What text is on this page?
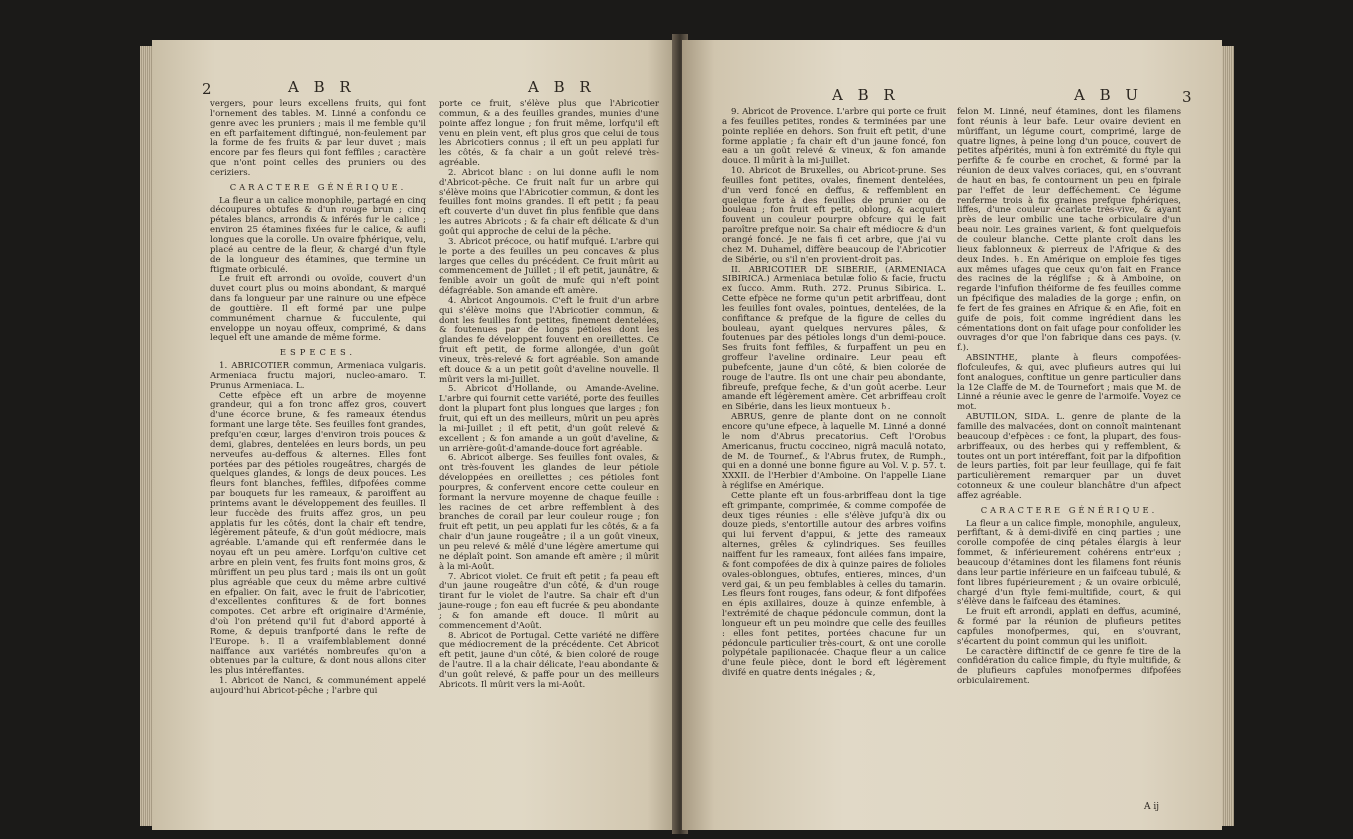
2	A B R	A B R

vergers, pour leurs excellens fruits, qui font l'ornement des tables. M. Linné a confondu ce genre avec les pruniers ; mais il me femble qu'il en eft parfaitement diftingué, non-feulement par la forme de fes fruits & par leur duvet ; mais encore par fes fleurs qui font feffiles ; caractère que n'ont point celles des pruniers ou des ceriziers.

CARACTERE GÉNÉRIQUE.

La fleur a un calice monophile, partagé en cinq découpures obtufes & d'un rouge brun ; cinq pétales blancs, arrondis & inférés fur le calice ; environ 25 étamines fixées fur le calice, & aufli longues que la corolle. Un ovaire fphérique, velu, placé au centre de la fleur, & chargé d'un ftyle de la longueur des étamines, que termine un ftigmate orbiculé.

Le fruit eft arrondi ou ovoïde, couvert d'un duvet court plus ou moins abondant, & marqué dans fa longueur par une rainure ou une efpèce de gouttière. Il eft formé par une pulpe communément charnue & fucculente, qui enveloppe un noyau offeux, comprimé, & dans lequel eft une amande de même forme.

ESPECES.

1. ABRICOTIER commun, Armeniaca vulgaris. Armeniaca fructu majori, nucleo-amaro. T. Prunus Armeniaca. L.

Cette efpèce eft un arbre de moyenne grandeur, qui a fon tronc affez gros, couvert d'une écorce brune, & fes rameaux étendus formant une large tête. Ses feuilles font grandes, prefqu'en cœur, larges d'environ trois pouces & demi, glabres, dentelées en leurs bords, un peu nerveufes au-deffous & alternes. Elles font portées par des pétioles rougeâtres, chargés de quelques glandes, & longs de deux pouces. Les fleurs font blanches, feffiles, difpofées comme par bouquets fur les rameaux, & paroiffent au printems avant le développement des feuilles. Il leur fuccède des fruits affez gros, un peu applatis fur les côtés, dont la chair eft tendre, légèrement pâteufe, & d'un goût médiocre, mais agréable. L'amande qui eft renfermée dans le noyau eft un peu amère. Lorfqu'on cultive cet arbre en plein vent, fes fruits font moins gros, & mûriffent un peu plus tard ; mais ils ont un goût plus agréable que ceux du même arbre cultivé en efpalier. On fait, avec le fruit de l'abricotier, d'excellentes confitures & de fort bonnes compotes. Cet arbre eft originaire d'Arménie, d'où l'on prétend qu'il fut d'abord apporté à Rome, & depuis tranfporté dans le refte de l'Europe. ♄. Il a vraifemblablement donné naiffance aux variétés nombreufes qu'on a obtenues par la culture, & dont nous allons citer les plus intéreffantes.

1. Abricot de Nanci, & communément appelé aujourd'hui Abricot-pêche ; l'arbre qui

porte ce fruit, s'élève plus que l'Abricotier commun, & a des feuilles grandes, munies d'une pointe affez longue ; fon fruit même, lorfqu'il eft venu en plein vent, eft plus gros que celui de tous les Abricotiers connus ; il eft un peu applati fur les côtés, & fa chair a un goût relevé très-agréable.

2. Abricot blanc : on lui donne aufli le nom d'Abricot-pêche. Ce fruit naît fur un arbre qui s'élève moins que l'Abricotier commun, & dont les feuilles font moins grandes. Il eft petit ; fa peau eft couverte d'un duvet fin plus fenfible que dans les autres Abricots ; & fa chair eft délicate & d'un goût qui approche de celui de la pêche.

3. Abricot précoce, ou hatif mufqué. L'arbre qui le porte a des feuilles un peu concaves & plus larges que celles du précédent. Ce fruit mûrit au commencement de Juillet ; il eft petit, jaunâtre, & fenible avoir un goût de mufc qui n'eft point défagréable. Son amande eft amère.

4. Abricot Angoumois. C'eft le fruit d'un arbre qui s'élève moins que l'Abricotier commun, & dont les feuilles font petites, finement dentelées, & foutenues par de longs pétioles dont les glandes fe développent fouvent en oreillettes. Ce fruit eft petit, de forme allongée, d'un goût vineux, très-relevé & fort agréable. Son amande eft douce & a un petit goût d'aveline nouvelle. Il mûrit vers la mi-Juillet.

5. Abricot d'Hollande, ou Amande-Aveline. L'arbre qui fournit cette variété, porte des feuilles dont la plupart font plus longues que larges ; fon fruit, qui eft un des meilleurs, mûrit un peu après la mi-Juillet ; il eft petit, d'un goût relevé & excellent ; & fon amande a un goût d'aveline, & un arrière-goût-d'amande-douce fort agréable.

6. Abricot alberge. Ses feuilles font ovales, & ont très-fouvent les glandes de leur pétiole développées en oreillettes ; ces pétioles font pourpres, & confervent encore cette couleur en formant la nervure moyenne de chaque feuille : les racines de cet arbre reffemblent à des branches de corail par leur couleur rouge ; fon fruit eft petit, un peu applati fur les côtés, & a fa chair d'un jaune rougeâtre ; il a un goût vineux, un peu relevé & mêlé d'une légère amertume qui ne déplaît point. Son amande eft amère ; il mûrit à la mi-Août.

7. Abricot violet. Ce fruit eft petit ; fa peau eft d'un jaune rougeâtre d'un côté, & d'un rouge tirant fur le violet de l'autre. Sa chair eft d'un jaune-rouge ; fon eau eft fucrée & peu abondante ; & fon amande eft douce. Il mûrit au commencement d'Août.

8. Abricot de Portugal. Cette variété ne diffère que médiocrement de la précédente. Cet Abricot eft petit, jaune d'un côté, & bien coloré de rouge de l'autre. Il a la chair délicate, l'eau abondante & d'un goût relevé, & paffe pour un des meilleurs Abricots. Il mûrit vers la mi-Août.

A B R	A B U	3

9. Abricot de Provence. L'arbre qui porte ce fruit a fes feuilles petites, rondes & terminées par une pointe repliée en dehors. Son fruit eft petit, d'une forme applatie ; fa chair eft d'un jaune foncé, fon eau a un goût relevé & vineux, & fon amande douce. Il mûrit à la mi-Juillet.

10. Abricot de Bruxelles, ou Abricot-prune. Ses feuilles font petites, ovales, finement dentelées, d'un verd foncé en deffus, & reffemblent en quelque forte à des feuilles de prunier ou de bouleau ; fon fruit eft petit, oblong, & acquiert fouvent un couleur pourpre obfcure qui le fait paroître prefque noir. Sa chair eft médiocre & d'un orangé foncé. Je ne fais fi cet arbre, que j'ai vu chez M. Duhamel, diffère beaucoup de l'Abricotier de Sibérie, ou s'il n'en provient-droit pas.

II. ABRICOTIER DE SIBERIE, (ARMENIACA SIBIRICA.) Armeniaca betulæ folio & facie, fructu ex ſucco. Amm. Ruth. 272. Prunus Sibirica. L. Cette efpèce ne forme qu'un petit arbriffeau, dont les feuilles font ovales, pointues, dentelées, de la confiftance & prefque de la figure de celles du bouleau, ayant quelques nervures pâles, & foutenues par des pétioles longs d'un demi-pouce. Ses fruits font feffiles, & furpaffent un peu en groffeur l'aveline ordinaire. Leur peau eft pubefcente, jaune d'un côté, & bien colorée de rouge de l'autre. Ils ont une chair peu abondante, fibreufe, prefque feche, & d'un goût acerbe. Leur amande eft légèrement amère. Cet arbriffeau croît en Sibérie, dans les lieux montueux ♄.

ABRUS, genre de plante dont on ne connoît encore qu'une efpece, à laquelle M. Linné a donné le nom d'Abrus precatorius. Ceft l'Orobus Americanus, fructu coccineo, nigrâ maculâ notato, de M. de Tournef., & l'Abrus frutex, de Rumph., qui en a donné une bonne figure au Vol. V. p. 57. t. XXXII. de l'Herbier d'Amboine. On l'appelle Liane à réglifse en Amérique.

Cette plante eft un fous-arbriffeau dont la tige eft grimpante, comprimée, & comme compofée de deux tiges réunies : elle s'élève jufqu'à dix ou douze pieds, s'entortille autour des arbres voifins qui lui fervent d'appui, & jette des rameaux alternes, grêles & cylindriques. Ses feuilles naiffent fur les rameaux, font ailées fans impaire, & font compofées de dix à quinze paires de folioles ovales-oblongues, obtufes, entieres, minces, d'un verd gai, & un peu femblables à celles du tamarin. Les fleurs font rouges, fans odeur, & font difpofées en épis axillaires, douze à quinze enfemble, à l'extrémité de chaque pédoncule commun, dont la longueur eft un peu moindre que celle des feuilles : elles font petites, portées chacune fur un pédoncule particulier très-court, & ont une corolle polypétale papilionacée. Chaque fleur a un calice d'une feule pièce, dont le bord eft légèrement divifé en quatre dents inégales ; &,

felon M. Linné, neuf étamines, dont les filamens font réunis à leur bafe. Leur ovaire devient en mûriffant, un légume court, comprimé, large de quatre lignes, à peine long d'un pouce, couvert de petites afpérités, muni à fon extrémité du ftyle qui perfifte & fe courbe en crochet, & formé par la réunion de deux valves coriaces, qui, en s'ouvrant de haut en bas, fe contournent un peu en fpirale par l'effet de leur defféchement. Ce légume renferme trois à fix graines prefque fphériques, liffes, d'une couleur écarlate très-vive, & ayant près de leur ombilic une tache orbiculaire d'un beau noir. Les graines varient, & font quelquefois de couleur blanche. Cette plante croît dans les lieux fablonneux & pierreux de l'Afrique & des deux Indes. ♄. En Amérique on emploie fes tiges aux mêmes ufages que ceux qu'on fait en France des racines de la réglifse ; & à Amboine, on regarde l'infufion théiforme de fes feuilles comme un fpécifique des maladies de la gorge ; enfin, on fe fert de fes graines en Afrique & en Afie, foit en guife de pois, foit comme ingrédient dans les cémentations dont on fait ufage pour confolider les ouvrages d'or que l'on fabrique dans ces pays. (v. f.).

ABSINTHE, plante à fleurs compofées-flofculeufes, & qui, avec plufieurs autres qui lui font analogues, conftitue un genre particulier dans la 12e Claffe de M. de Tournefort ; mais que M. de Linné a réunie avec le genre de l'armoife. Voyez ce mot.

ABUTILON, SIDA. L. genre de plante de la famille des malvacées, dont on connoît maintenant beaucoup d'efpèces : ce font, la plupart, des fous-arbriffeaux, ou des herbes qui y reffemblent, & toutes ont un port intéreffant, foit par la difpofition de leurs parties, foit par leur feuillage, qui fe fait particulièrement remarquer par un duvet cotonneux & une couleur blanchâtre d'un afpect affez agréable.

CARACTERE GÉNÉRIQUE.

La fleur a un calice fimple, monophile, anguleux, perfiftant, & à demi-divifé en cinq parties ; une corolle compofée de cinq pétales élargis à leur fommet, & inférieurement cohérens entr'eux ; beaucoup d'étamines dont les filamens font réunis dans leur partie inférieure en un faifceau tubulé, & font libres fupérieurement ; & un ovaire orbiculé, chargé d'un ftyle femi-multifide, court, & qui s'élève dans le faifceau des étamines.

Le fruit eft arrondi, applati en deffus, acuminé, & formé par la réunion de plufieurs petites capfules monofpermes, qui, en s'ouvrant, s'écartent du point commun qui les unifloit.

Le caractère diftinctif de ce genre fe tire de la confidération du calice fimple, du ftyle multifide, & de plufieurs capfules monofpermes difpofées orbiculairement.

A ij
